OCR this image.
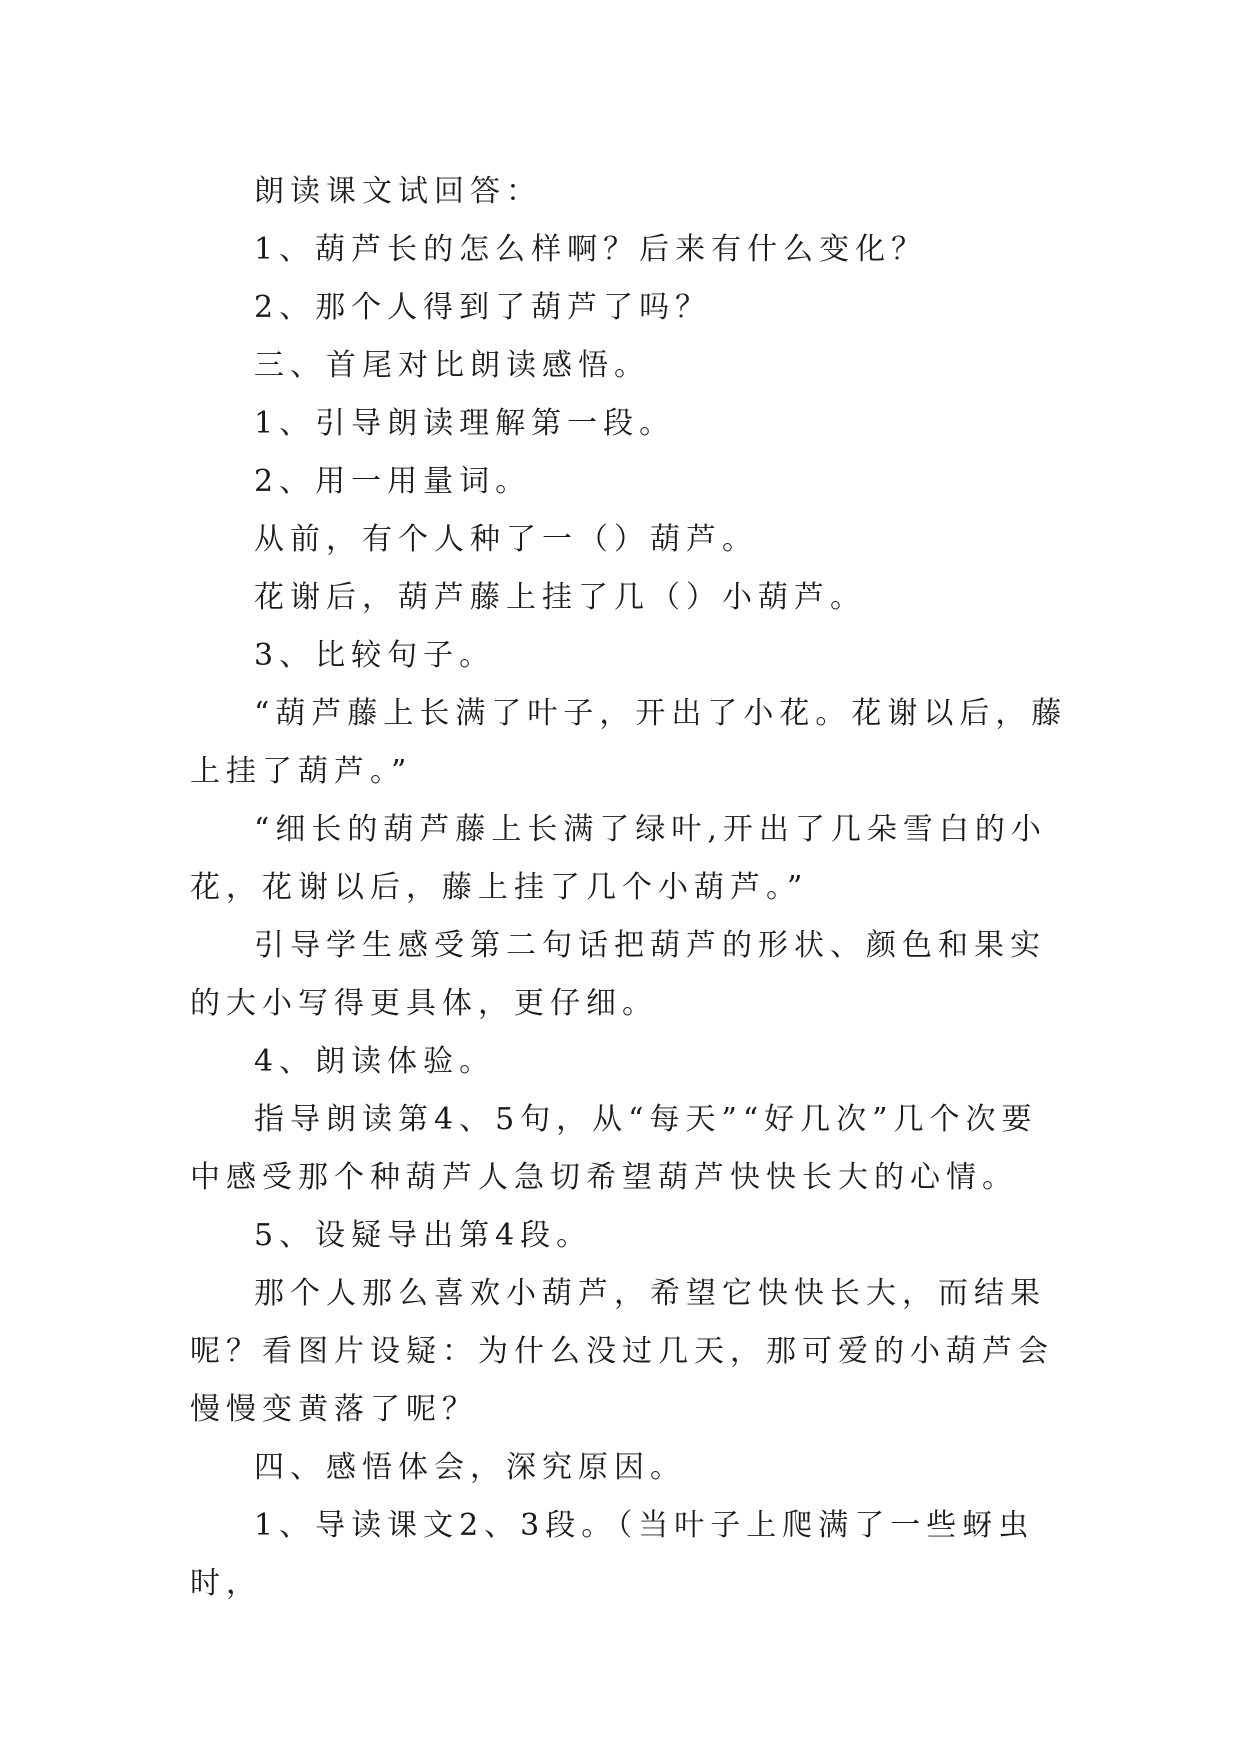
朗读课文试回答：

1、葫芦长的怎么样啊？后来有什么变化？

2、那个人得到了葫芦了吗？

三、首尾对比朗读感悟。

1、引导朗读理解第一段。

2、用一用量词。

从前，有个人种了一（）葫芦。

花谢后，葫芦藤上挂了几（）小葫芦。

3、比较句子。

“葫芦藤上长满了叶子，开出了小花。花谢以后，藤上挂了葫芦。”

“细长的葫芦藤上长满了绿叶,开出了几朵雪白的小花，花谢以后，藤上挂了几个小葫芦。”

引导学生感受第二句话把葫芦的形状、颜色和果实的大小写得更具体，更仔细。

4、朗读体验。

指导朗读第4、5句，从“每天”“好几次”几个次要中感受那个种葫芦人急切希望葫芦快快长大的心情。

5、设疑导出第4段。

那个人那么喜欢小葫芦，希望它快快长大，而结果呢？看图片设疑：为什么没过几天，那可爱的小葫芦会慢慢变黄落了呢？

四、感悟体会，深究原因。

1、导读课文2、3段。（当叶子上爬满了一些蚜虫时，
